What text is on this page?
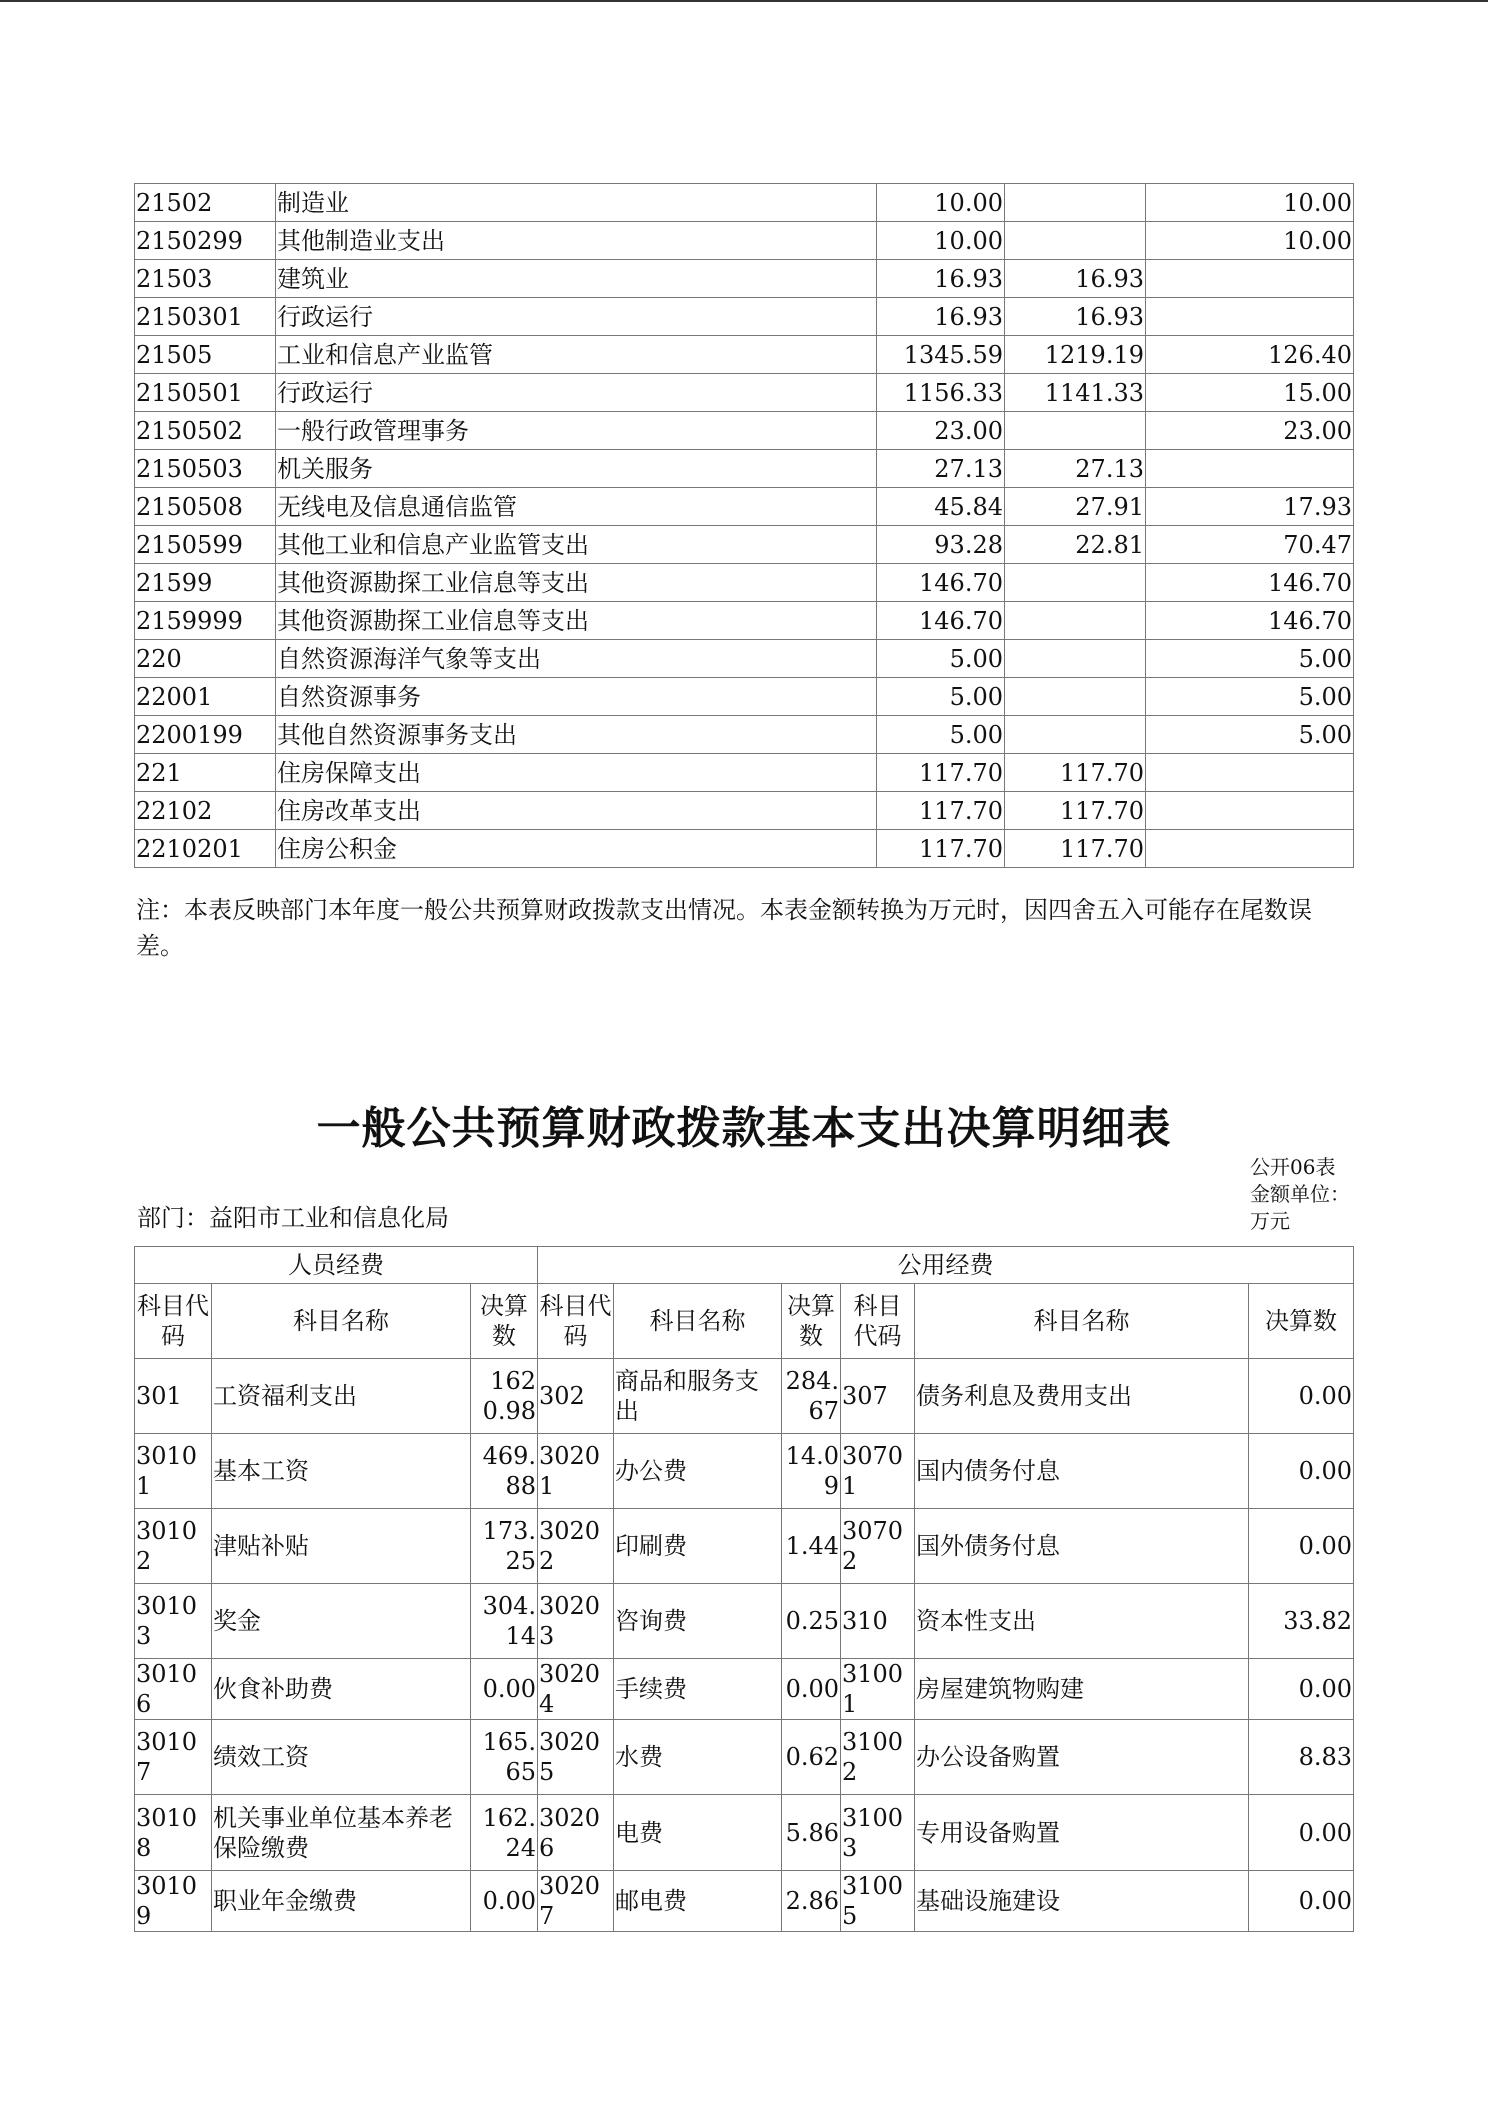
21502	制造业	10.00		10.00
2150299	其他制造业支出	10.00		10.00
21503	建筑业	16.93	16.93	
2150301	行政运行	16.93	16.93	
21505	工业和信息产业监管	1345.59	1219.19	126.40
2150501	行政运行	1156.33	1141.33	15.00
2150502	一般行政管理事务	23.00		23.00
2150503	机关服务	27.13	27.13	
2150508	无线电及信息通信监管	45.84	27.91	17.93
2150599	其他工业和信息产业监管支出	93.28	22.81	70.47
21599	其他资源勘探工业信息等支出	146.70		146.70
2159999	其他资源勘探工业信息等支出	146.70		146.70
220	自然资源海洋气象等支出	5.00		5.00
22001	自然资源事务	5.00		5.00
2200199	其他自然资源事务支出	5.00		5.00
221	住房保障支出	117.70	117.70	
22102	住房改革支出	117.70	117.70	
2210201	住房公积金	117.70	117.70	
注：本表反映部门本年度一般公共预算财政拨款支出情况。本表金额转换为万元时，因四舍五入可能存在尾数误差。
一般公共预算财政拨款基本支出决算明细表
公开06表
金额单位：万元
部门：益阳市工业和信息化局
人员经费			公用经费					
科目代码	科目名称	决算数	科目代码	科目名称	决算数	科目代码	科目名称	决算数
301	工资福利支出	1620.98	302	商品和服务支出	284.67	307	债务利息及费用支出	0.00
30101	基本工资	469.88	30201	办公费	14.09	30701	国内债务付息	0.00
30102	津贴补贴	173.25	30202	印刷费	1.44	30702	国外债务付息	0.00
30103	奖金	304.14	30203	咨询费	0.25	310	资本性支出	33.82
30106	伙食补助费	0.00	30204	手续费	0.00	31001	房屋建筑物购建	0.00
30107	绩效工资	165.65	30205	水费	0.62	31002	办公设备购置	8.83
30108	机关事业单位基本养老保险缴费	162.24	30206	电费	5.86	31003	专用设备购置	0.00
30109	职业年金缴费	0.00	30207	邮电费	2.86	31005	基础设施建设	0.00
